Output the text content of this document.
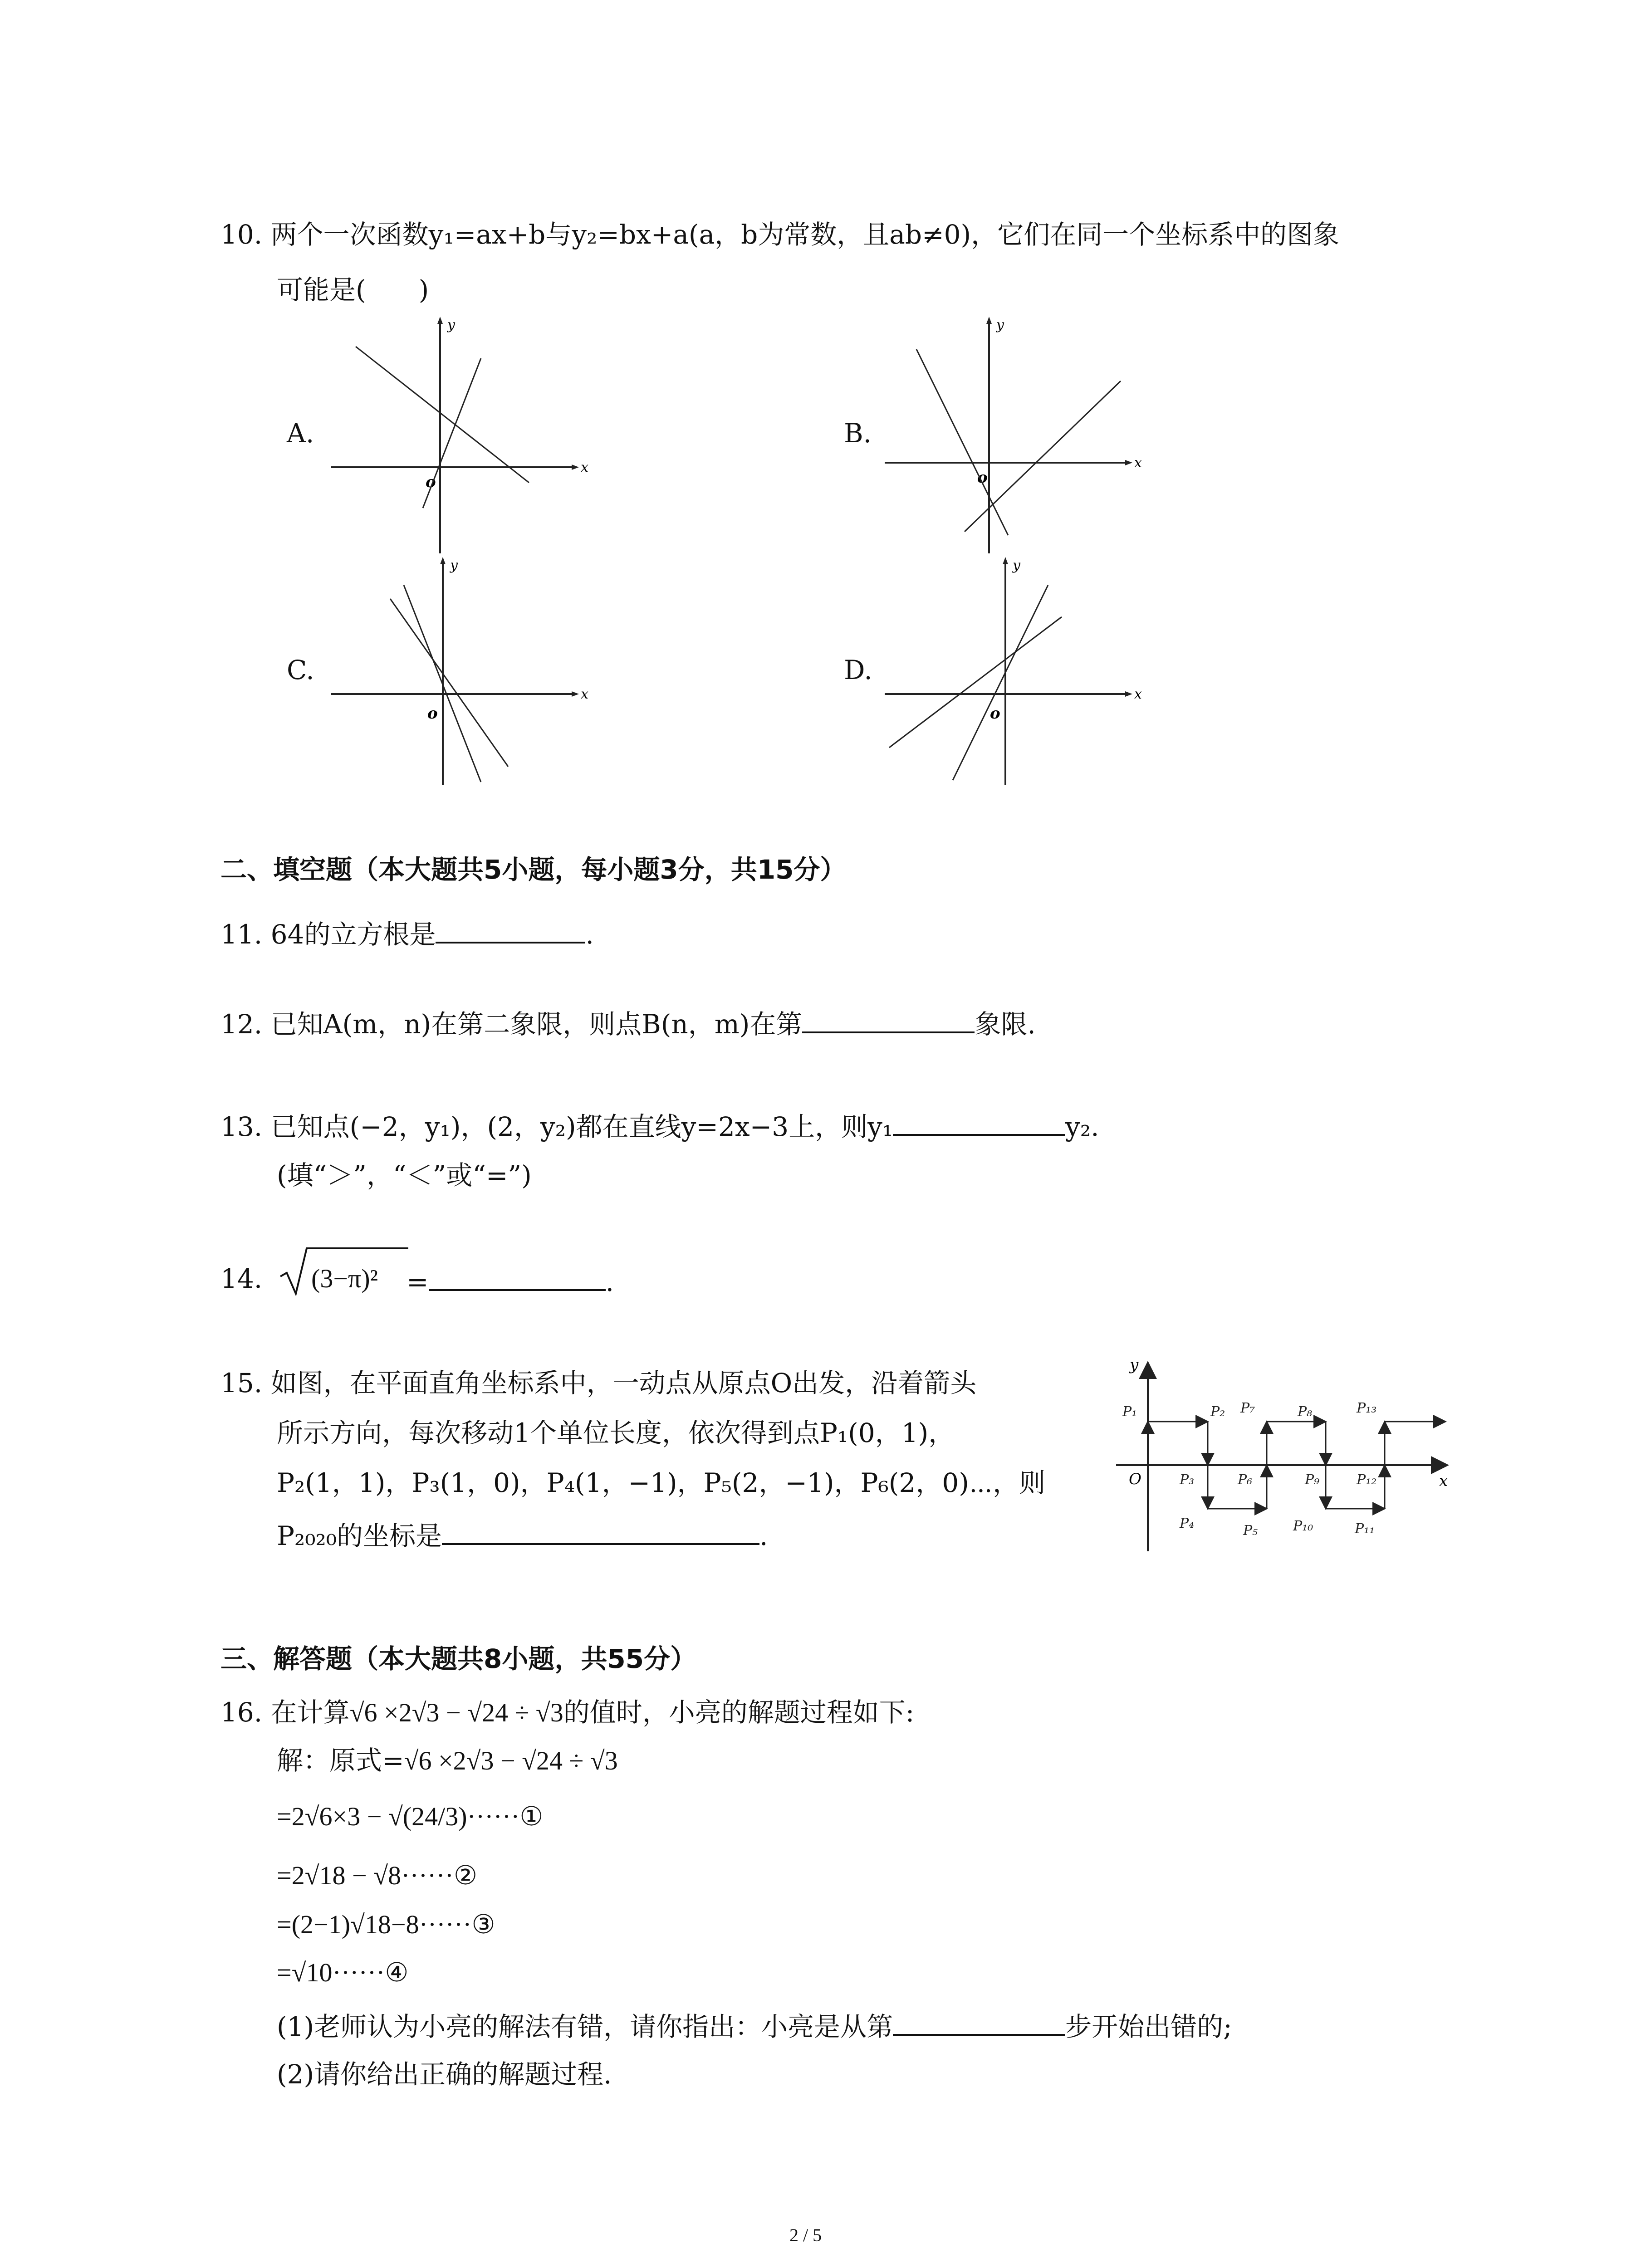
10. 两个一次函数y₁=ax+b与y₂=bx+a(a，b为常数，且ab≠0)，它们在同一个坐标系中的图象
可能是(　　)
A.	B.
C.	D.
x
y
o
x
y
o
x
y
o
x
y
o
二、填空题（本大题共5小题，每小题3分，共15分）
11. 64的立方根是	.
12. 已知A(m，n)在第二象限，则点B(n，m)在第	象限.
13. 已知点(−2，y₁)，(2，y₂)都在直线y=2x−3上，则y₁	y₂.
(填“＞”，“＜”或“=”)
14. (3−π)² =	.
15. 如图，在平面直角坐标系中，一动点从原点O出发，沿着箭头
所示方向，每次移动1个单位长度，依次得到点P₁(0，1)，
P₂(1，1)，P₃(1，0)，P₄(1，−1)，P₅(2，−1)，P₆(2，0)⋯，则
P₂₀₂₀的坐标是	.
y
x
O
P₁	P₂
P₃
P₄	P₅
P₆
P₇	P₈
P₉
P₁₀	P₁₁
P₁₂
P₁₃
三、解答题（本大题共8小题，共55分）
16. 在计算√6 ×2√3 − √24 ÷ √3的值时，小亮的解题过程如下:
解：原式=√6 ×2√3 − √24 ÷ √3
=2√6×3 − √(24/3)······①
=2√18 − √8······②
=(2−1)√18−8······③
=√10······④
(1)老师认为小亮的解法有错，请你指出：小亮是从第	步开始出错的;
(2)请你给出正确的解题过程.
2 / 5
